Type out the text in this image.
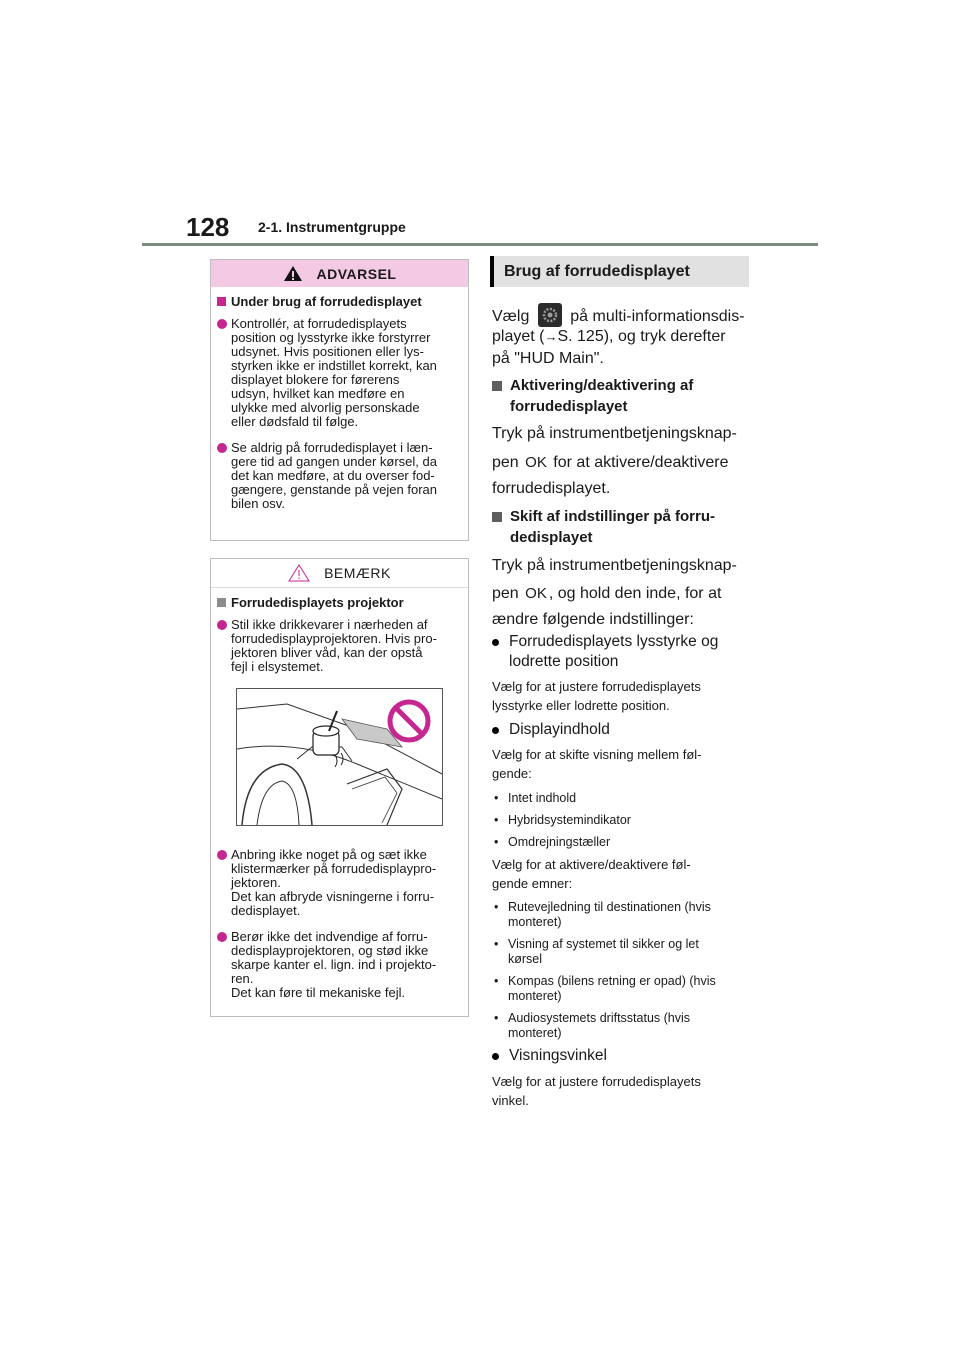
128 2-1. Instrumentgruppe
ADVARSEL
Under brug af forrudedisplayet
Kontrollér, at forrudedisplayets
position og lysstyrke ikke forstyrrer
udsynet. Hvis positionen eller lys-
styrken ikke er indstillet korrekt, kan
displayet blokere for førerens
udsyn, hvilket kan medføre en
ulykke med alvorlig personskade
eller dødsfald til følge.
Se aldrig på forrudedisplayet i læn-
gere tid ad gangen under kørsel, da
det kan medføre, at du overser fod-
gængere, genstande på vejen foran
bilen osv.
BEMÆRK
Forrudedisplayets projektor
Stil ikke drikkevarer i nærheden af
forrudedisplayprojektoren. Hvis pro-
jektoren bliver våd, kan der opstå
fejl i elsystemet.
Anbring ikke noget på og sæt ikke
klistermærker på forrudedisplaypro-
jektoren.
Det kan afbryde visningerne i forru-
dedisplayet.
Berør ikke det indvendige af forru-
dedisplayprojektoren, og stød ikke
skarpe kanter el. lign. ind i projekto-
ren.
Det kan føre til mekaniske fejl.
Brug af forrudedisplayet
Vælg	på multi-informationsdis-
playet (→S. 125), og tryk derefter
på "HUD Main".
Aktivering/deaktivering af
forrudedisplayet
Tryk på instrumentbetjeningsknap-
pen OK for at aktivere/deaktivere
forrudedisplayet.
Skift af indstillinger på forru-
dedisplayet
Tryk på instrumentbetjeningsknap-
pen OK , og hold den inde, for at
ændre følgende indstillinger:
Forrudedisplayets lysstyrke og
lodrette position
Vælg for at justere forrudedisplayets
lysstyrke eller lodrette position.
Displayindhold
Vælg for at skifte visning mellem føl-
gende:
• Intet indhold
• Hybridsystemindikator
• Omdrejningstæller
Vælg for at aktivere/deaktivere føl-
gende emner:
• Rutevejledning til destinationen (hvis
monteret)
• Visning af systemet til sikker og let
kørsel
• Kompas (bilens retning er opad) (hvis
monteret)
• Audiosystemets driftsstatus (hvis
monteret)
Visningsvinkel
Vælg for at justere forrudedisplayets
vinkel.
